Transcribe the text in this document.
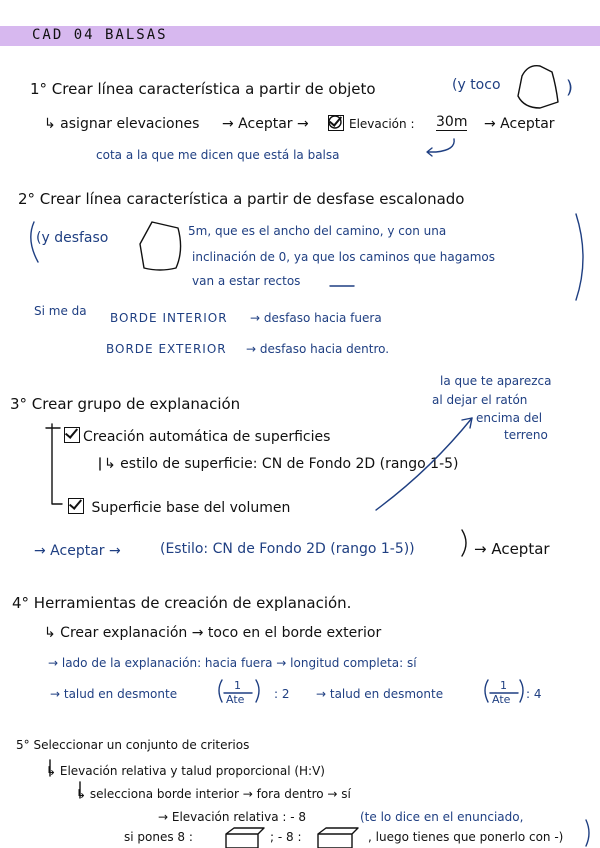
CAD 04 BALSAS
1° Crear línea característica a partir de objeto	(y toco	)
↳ asignar elevaciones → Aceptar →	Elevación : 30m → Aceptar
cota a la que me dicen que está la balsa
2° Crear línea característica a partir de desfase escalonado
(y desfaso	5m, que es el ancho del camino, y con una
inclinación de 0, ya que los caminos que hagamos
van a estar rectos
Si me da BORDE INTERIOR → desfaso hacia fuera
BORDE EXTERIOR → desfaso hacia dentro.
3° Crear grupo de explanación
la que te aparezca
al dejar el ratón
encima del
terreno
Creación automática de superficies
↳ estilo de superficie: CN de Fondo 2D (rango 1-5)
Superficie base del volumen
→ Aceptar →	(Estilo: CN de Fondo 2D (rango 1-5))	→ Aceptar
4° Herramientas de creación de explanación.
↳ Crear explanación → toco en el borde exterior
→ lado de la explanación: hacia fuera → longitud completa: sí
→ talud en desmonte
1
Ate : 2 → talud en desmonte
1
Ate : 4
5° Seleccionar un conjunto de criterios
↳ Elevación relativa y talud proporcional (H:V)
↳ selecciona borde interior → fora dentro → sí
→ Elevación relativa : - 8	(te lo dice en el enunciado,
si pones 8 :	; - 8 :	, luego tienes que ponerlo con -)
